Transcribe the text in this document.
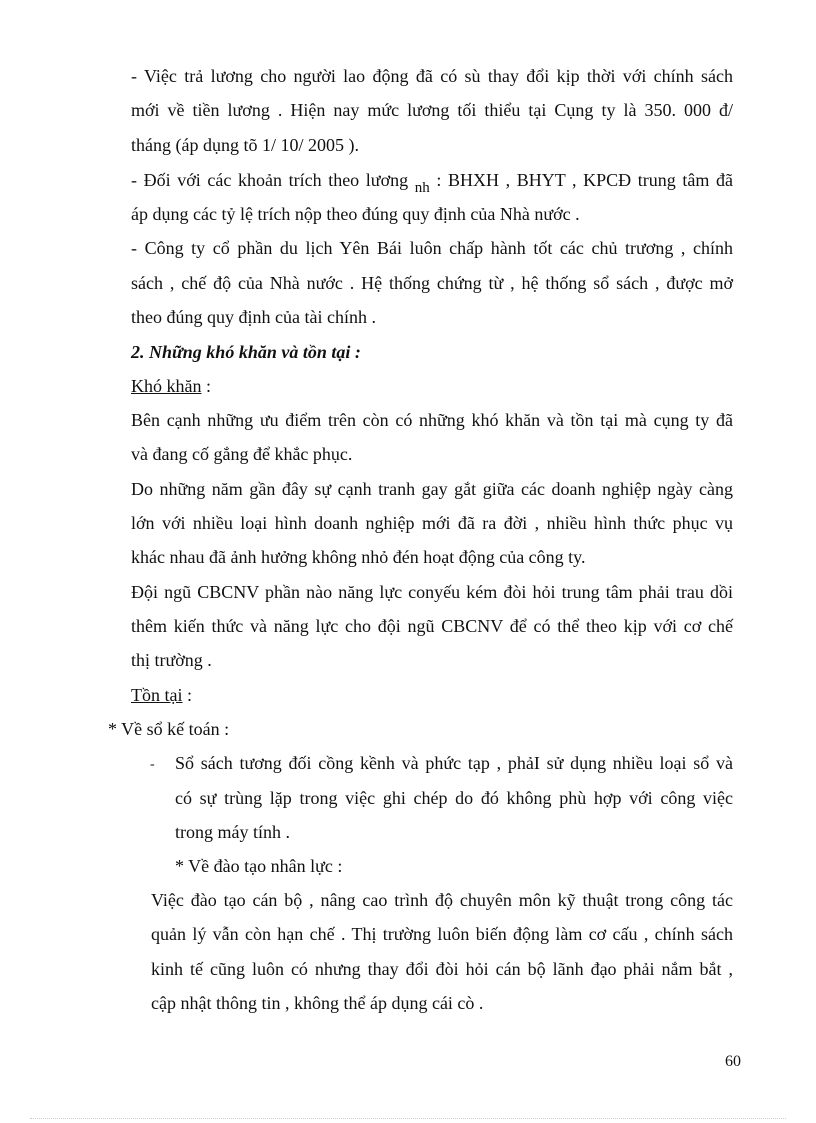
- Việc trả lương cho người lao động đã có sù thay đổi kịp thời với chính sách
mới về tiền lương . Hiện nay mức lương tối thiểu tại Cụng ty là 350. 000 đ/
tháng (áp dụng tõ 1/ 10/ 2005 ).
- Đối với các khoản trích theo lương $_{nh}$ : BHXH , BHYT , KPCĐ trung tâm đã
áp dụng các tỷ lệ trích nộp theo đúng quy định của Nhà nước .
- Công ty cổ phần du lịch Yên Bái luôn chấp hành tốt các chủ trương , chính
sách , chế độ của Nhà nước . Hệ thống chứng từ , hệ thống sổ sách , được mở
theo đúng quy định của tài chính .
2. Những khó khăn và tồn tại :
Khó khăn :
Bên cạnh những ưu điểm trên còn có những khó khăn và tồn tại mà cụng ty đã
và đang cố gắng để khắc phục.
Do những năm gần đây sự cạnh tranh gay gắt giữa các doanh nghiệp ngày càng
lớn với nhiều loại hình doanh nghiệp mới đã ra đời , nhiều hình thức phục vụ
khác nhau đã ảnh hưởng không nhỏ đén hoạt động của công ty.
Đội ngũ CBCNV phần nào năng lực conyếu kém đòi hỏi trung tâm phải trau dồi
thêm kiến thức và năng lực cho đội ngũ CBCNV để có thể theo kịp với cơ chế
thị trường .
Tồn tại :
* Về sổ kế toán :
- Sổ sách tương đối cồng kềnh và phức tạp , phảI sử dụng nhiều loại sổ và
có sự trùng lặp trong việc ghi chép do đó không phù hợp với công việc
trong máy tính .
* Về đào tạo nhân lực :
Việc đào tạo cán bộ , nâng cao trình độ chuyên môn kỹ thuật trong công tác
quản lý vẫn còn hạn chế . Thị trường luôn biến động làm cơ cấu , chính sách
kinh tế cũng luôn có nhưng thay đổi đòi hỏi cán bộ lãnh đạo phải nắm bắt ,
cập nhật thông tin , không thể áp dụng cái cò .
60
